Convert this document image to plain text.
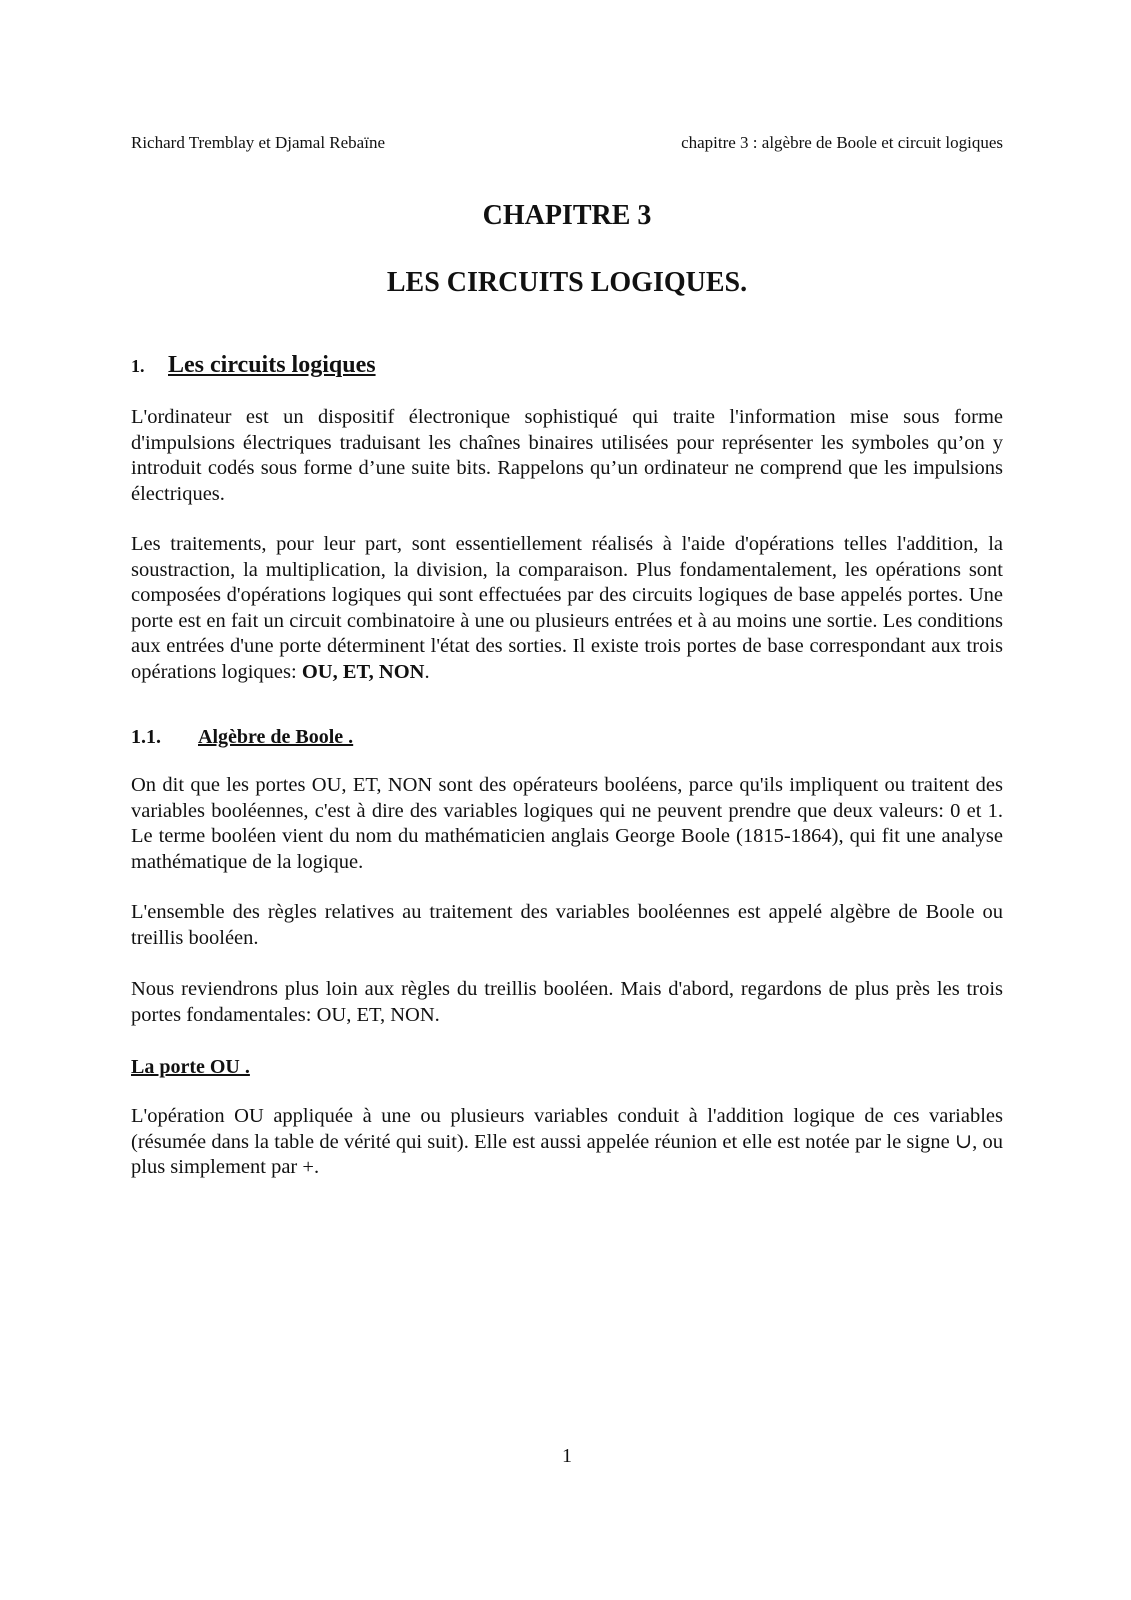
Richard Tremblay et Djamal Rebaïne	chapitre 3 : algèbre de Boole et circuit logiques
CHAPITRE 3
LES CIRCUITS LOGIQUES.
1. Les circuits logiques

L'ordinateur est un dispositif électronique sophistiqué qui traite l'information mise sous forme d'impulsions électriques traduisant les chaînes binaires utilisées pour représenter les symboles qu’on y introduit codés sous forme d’une suite bits. Rappelons qu’un ordinateur ne comprend que les impulsions électriques.

Les traitements, pour leur part, sont essentiellement réalisés à l'aide d'opérations telles l'addition, la soustraction, la multiplication, la division, la comparaison. Plus fondamentalement, les opérations sont composées d'opérations logiques qui sont effectuées par des circuits logiques de base appelés portes. Une porte est en fait un circuit combinatoire à une ou plusieurs entrées et à au moins une sortie. Les conditions aux entrées d'une porte déterminent l'état des sorties. Il existe trois portes de base correspondant aux trois opérations logiques: OU, ET, NON.

1.1. Algèbre de Boole .

On dit que les portes OU, ET, NON sont des opérateurs booléens, parce qu'ils impliquent ou traitent des variables booléennes, c'est à dire des variables logiques qui ne peuvent prendre que deux valeurs: 0 et 1. Le terme booléen vient du nom du mathématicien anglais George Boole (1815-1864), qui fit une analyse mathématique de la logique.

L'ensemble des règles relatives au traitement des variables booléennes est appelé algèbre de Boole ou treillis booléen.

Nous reviendrons plus loin aux règles du treillis booléen. Mais d'abord, regardons de plus près les trois portes fondamentales: OU, ET, NON.

La porte OU .

L'opération OU appliquée à une ou plusieurs variables conduit à l'addition logique de ces variables (résumée dans la table de vérité qui suit). Elle est aussi appelée réunion et elle est notée par le signe ∪, ou plus simplement par +.

1
